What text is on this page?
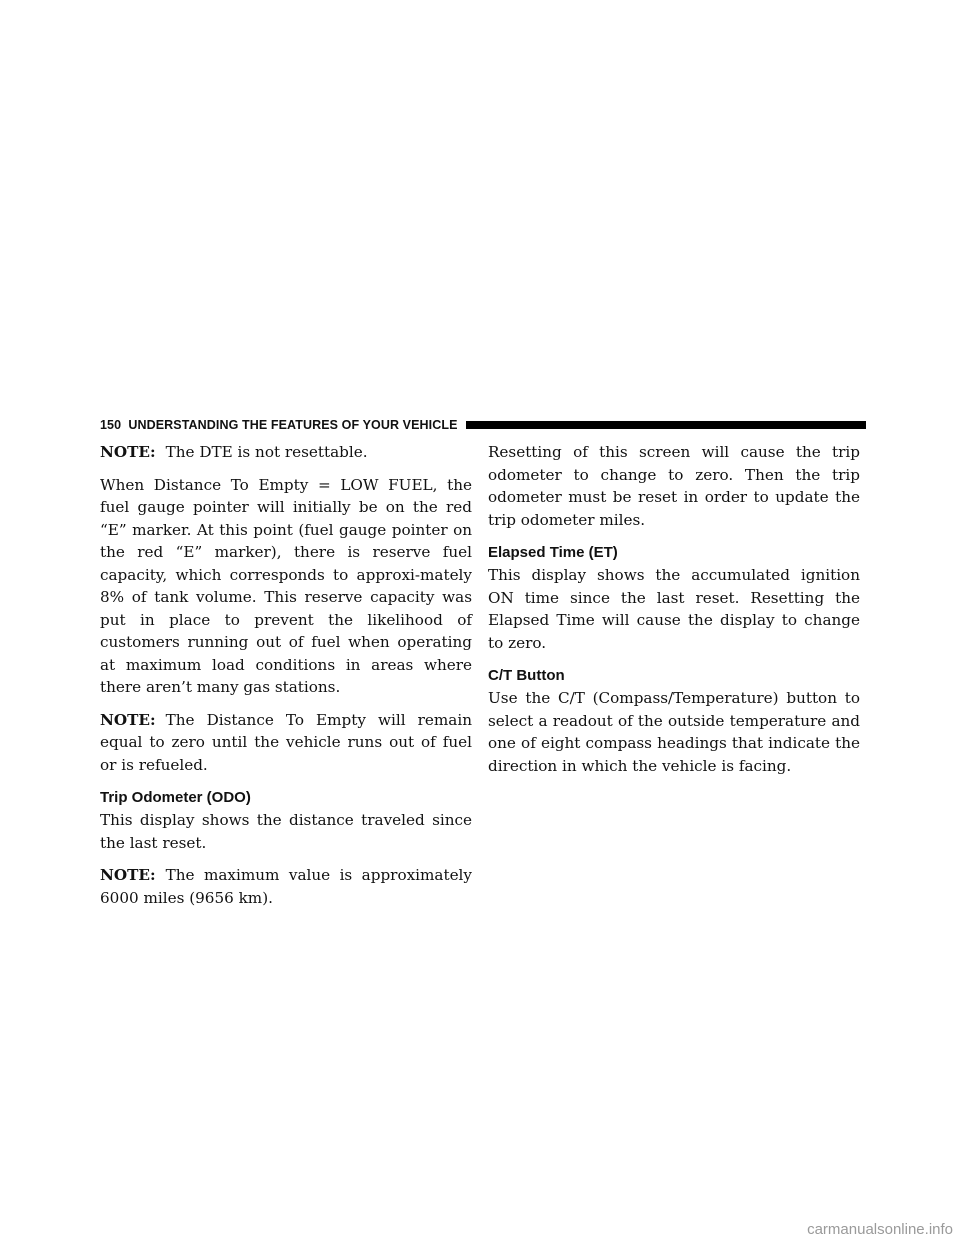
150 UNDERSTANDING THE FEATURES OF YOUR VEHICLE

NOTE: The DTE is not resettable.

When Distance To Empty = LOW FUEL, the fuel gauge pointer will initially be on the red “E” marker. At this point (fuel gauge pointer on the red “E” marker), there is reserve fuel capacity, which corresponds to approxi-mately 8% of tank volume. This reserve capacity was put in place to prevent the likelihood of customers running out of fuel when operating at maximum load conditions in areas where there aren’t many gas stations.

NOTE: The Distance To Empty will remain equal to zero until the vehicle runs out of fuel or is refueled.

Trip Odometer (ODO)

This display shows the distance traveled since the last reset.

NOTE: The maximum value is approximately 6000 miles (9656 km).

Resetting of this screen will cause the trip odometer to change to zero. Then the trip odometer must be reset in order to update the trip odometer miles.

Elapsed Time (ET)

This display shows the accumulated ignition ON time since the last reset. Resetting the Elapsed Time will cause the display to change to zero.

C/T Button

Use the C/T (Compass/Temperature) button to select a readout of the outside temperature and one of eight compass headings that indicate the direction in which the vehicle is facing.

carmanualsonline.info
